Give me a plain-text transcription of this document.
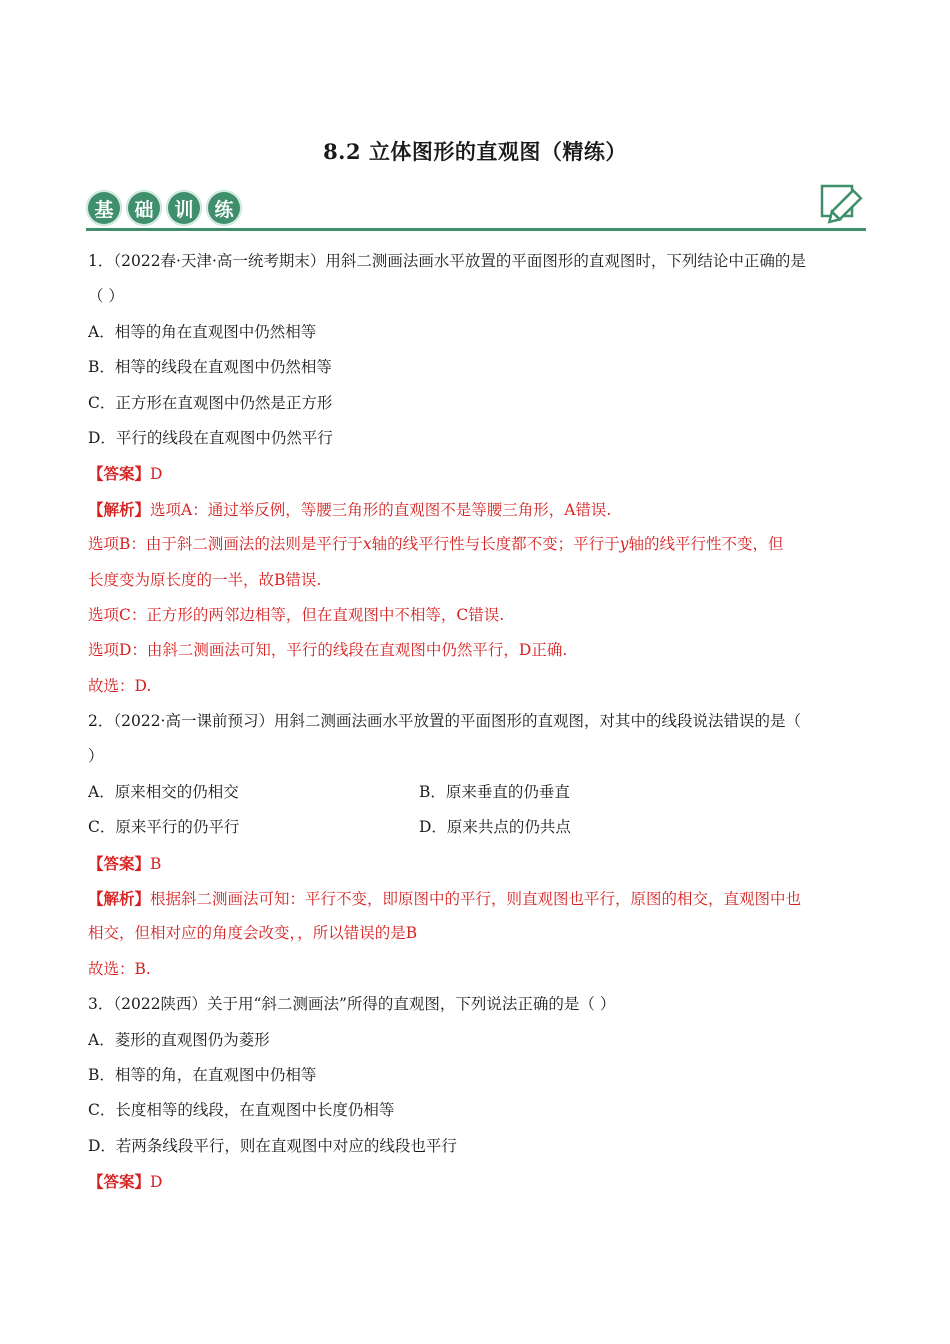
8.2 立体图形的直观图（精练）
基	础	训	练
1．（2022春·天津·高一统考期末）用斜二测画法画水平放置的平面图形的直观图时，下列结论中正确的是
（ ）
A．相等的角在直观图中仍然相等
B．相等的线段在直观图中仍然相等
C．正方形在直观图中仍然是正方形
D．平行的线段在直观图中仍然平行
【答案】D
【解析】选项A：通过举反例，等腰三角形的直观图不是等腰三角形，A错误.
选项B：由于斜二测画法的法则是平行于x轴的线平行性与长度都不变；平行于y轴的线平行性不变，但
长度变为原长度的一半，故B错误.
选项C：正方形的两邻边相等，但在直观图中不相等，C错误.
选项D：由斜二测画法可知，平行的线段在直观图中仍然平行，D正确.
故选：D.
2．（2022·高一课前预习）用斜二测画法画水平放置的平面图形的直观图，对其中的线段说法错误的是（
）
A．原来相交的仍相交	B．原来垂直的仍垂直
C．原来平行的仍平行	D．原来共点的仍共点
【答案】B
【解析】根据斜二测画法可知：平行不变，即原图中的平行，则直观图也平行，原图的相交，直观图中也
相交，但相对应的角度会改变，，所以错误的是B
故选：B.
3．（2022陕西）关于用“斜二测画法”所得的直观图，下列说法正确的是（ ）
A．菱形的直观图仍为菱形
B．相等的角，在直观图中仍相等
C．长度相等的线段，在直观图中长度仍相等
D．若两条线段平行，则在直观图中对应的线段也平行
【答案】D
